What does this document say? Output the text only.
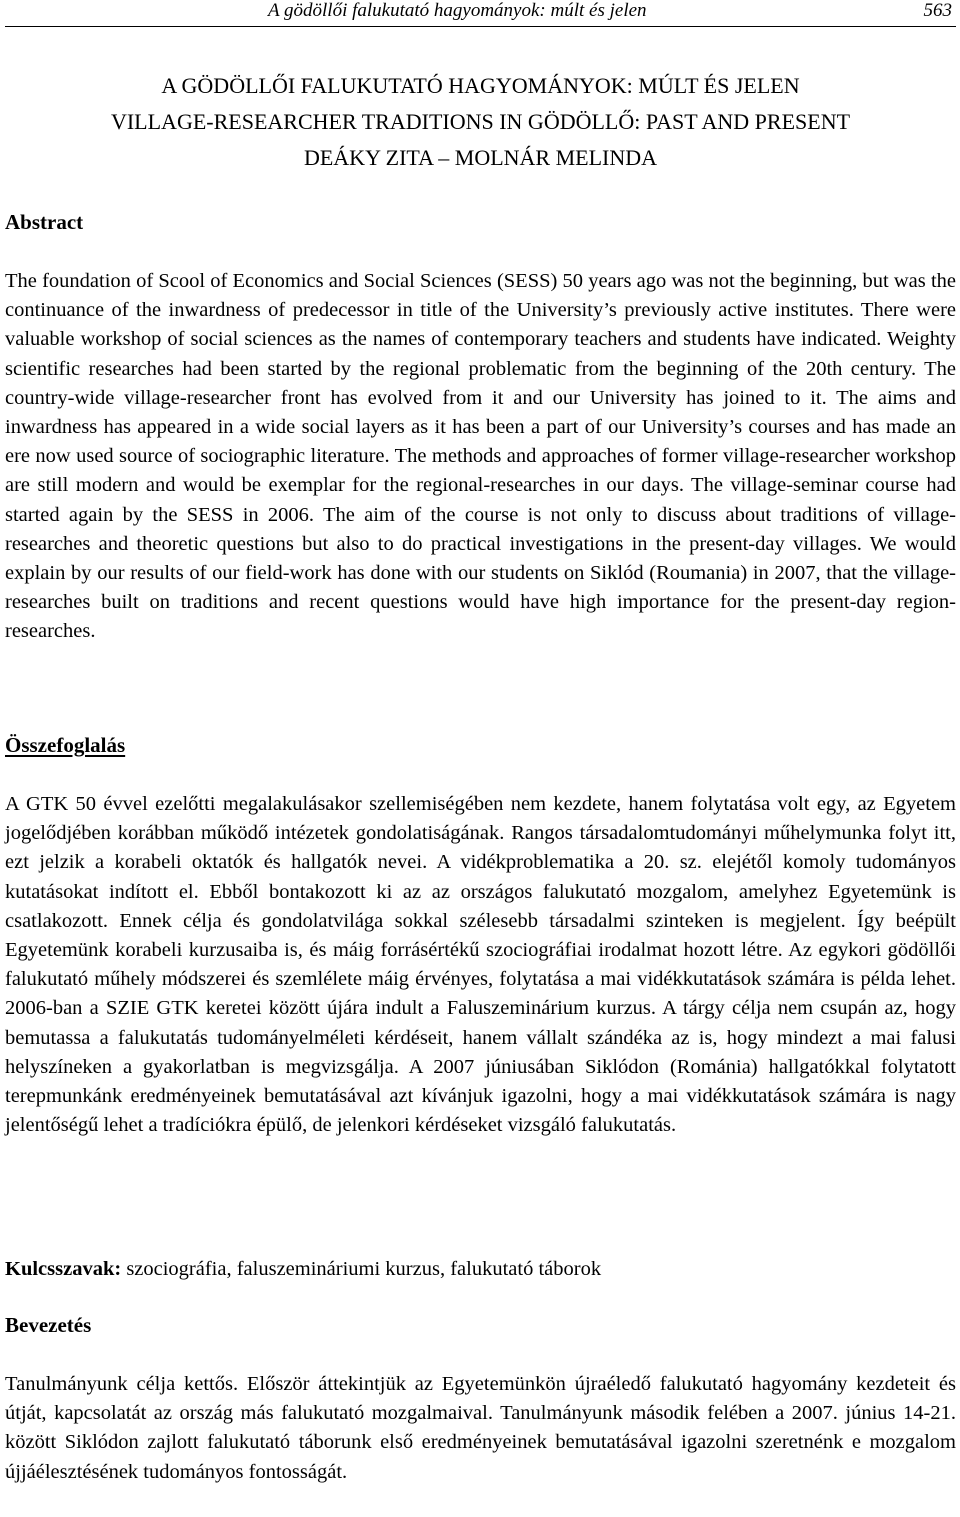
A gödöllői falukutató hagyományok: múlt és jelen	563
A GÖDÖLLŐI FALUKUTATÓ HAGYOMÁNYOK: MÚLT ÉS JELEN
VILLAGE-RESEARCHER TRADITIONS IN GÖDÖLLŐ: PAST AND PRESENT
DEÁKY ZITA – MOLNÁR MELINDA
Abstract

The foundation of Scool of Economics and Social Sciences (SESS) 50 years ago was not the beginning, but was the continuance of the inwardness of predecessor in title of the University’s previously active institutes. There were valuable workshop of social sciences as the names of contemporary teachers and students have indicated. Weighty scientific researches had been started by the regional problematic from the beginning of the 20th century. The country-wide village-researcher front has evolved from it and our University has joined to it. The aims and inwardness has appeared in a wide social layers as it has been a part of our University’s courses and has made an ere now used source of sociographic literature. The methods and approaches of former village-researcher workshop are still modern and would be exemplar for the regional-researches in our days. The village-seminar course had started again by the SESS in 2006. The aim of the course is not only to discuss about traditions of village-researches and theoretic questions but also to do practical investigations in the present-day villages. We would explain by our results of our field-work has done with our students on Siklód (Roumania) in 2007, that the village-researches built on traditions and recent questions would have high importance for the present-day region-researches.

Összefoglalás

A GTK 50 évvel ezelőtti megalakulásakor szellemiségében nem kezdete, hanem folytatása volt egy, az Egyetem jogelődjében korábban működő intézetek gondolatiságának. Rangos társadalomtudományi műhelymunka folyt itt, ezt jelzik a korabeli oktatók és hallgatók nevei. A vidékproblematika a 20. sz. elejétől komoly tudományos kutatásokat indított el. Ebből bontakozott ki az az országos falukutató mozgalom, amelyhez Egyetemünk is csatlakozott. Ennek célja és gondolatvilága sokkal szélesebb társadalmi szinteken is megjelent. Így beépült Egyetemünk korabeli kurzusaiba is, és máig forrásértékű szociográfiai irodalmat hozott létre. Az egykori gödöllői falukutató műhely módszerei és szemlélete máig érvényes, folytatása a mai vidékkutatások számára is példa lehet. 2006-ban a SZIE GTK keretei között újára indult a Faluszeminárium kurzus. A tárgy célja nem csupán az, hogy bemutassa a falukutatás tudományelméleti kérdéseit, hanem vállalt szándéka az is, hogy mindezt a mai falusi helyszíneken a gyakorlatban is megvizsgálja. A 2007 júniusában Siklódon (Románia) hallgatókkal folytatott terepmunkánk eredményeinek bemutatásával azt kívánjuk igazolni, hogy a mai vidékkutatások számára is nagy jelentőségű lehet a tradíciókra épülő, de jelenkori kérdéseket vizsgáló falukutatás.

Kulcsszavak: szociográfia, faluszemináriumi kurzus, falukutató táborok

Bevezetés

Tanulmányunk célja kettős. Először áttekintjük az Egyetemünkön újraéledő falukutató hagyomány kezdeteit és útját, kapcsolatát az ország más falukutató mozgalmaival. Tanulmányunk második felében a 2007. június 14-21. között Siklódon zajlott falukutató táborunk első eredményeinek bemutatásával igazolni szeretnénk e mozgalom újjáélesztésének tudományos fontosságát.
